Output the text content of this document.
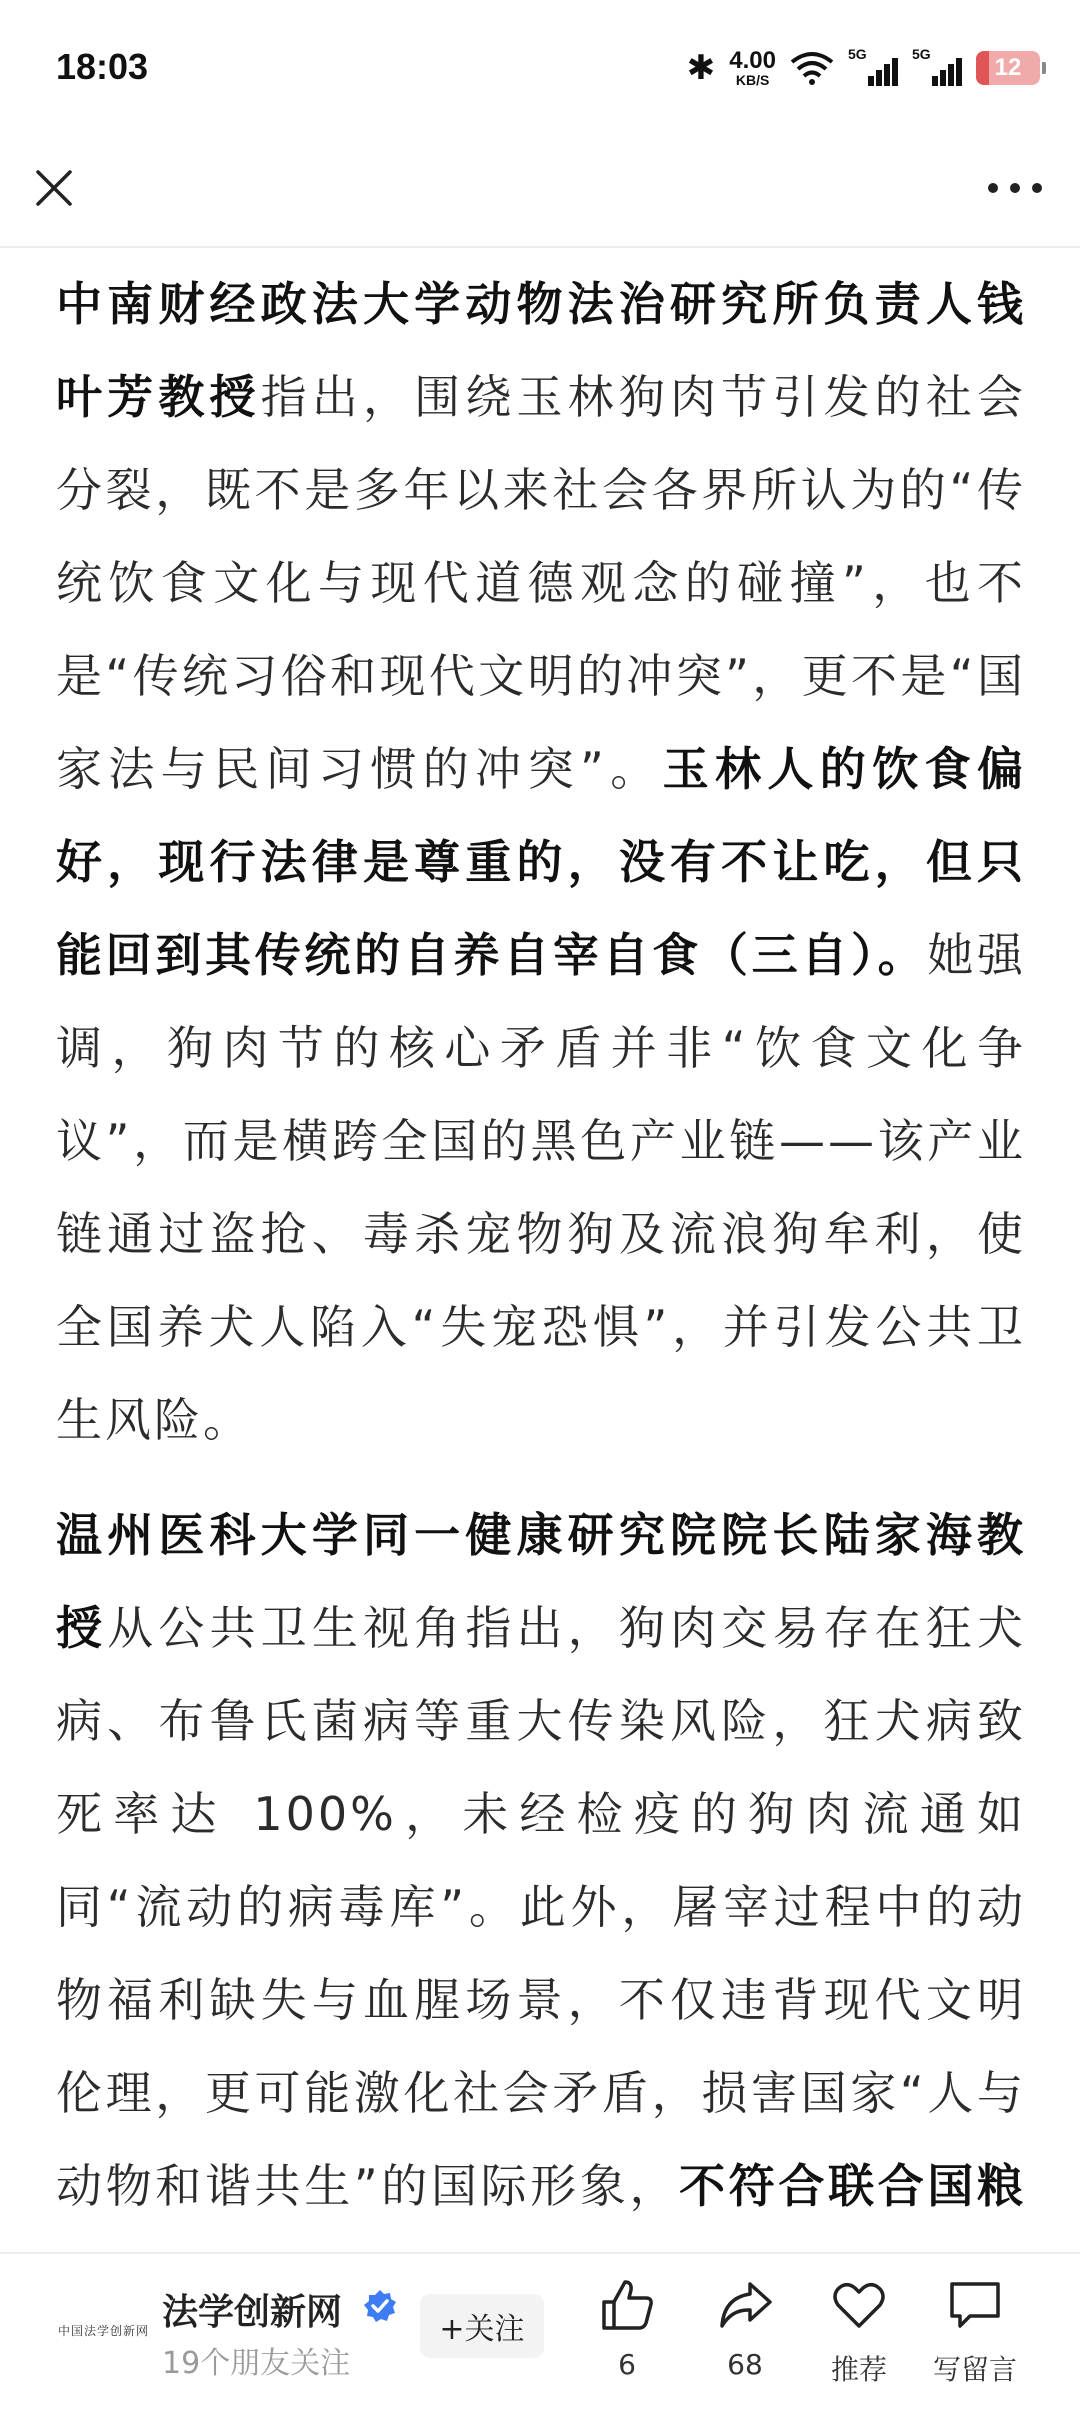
18:03	✱ 4.00
KB/S
5G	5G	12

中南财经政法大学动物法治研究所负责人钱叶芳教授指出，围绕玉林狗肉节引发的社会分裂，既不是多年以来社会各界所认为的“传统饮食文化与现代道德观念的碰撞”，也不是“传统习俗和现代文明的冲突”，更不是“国家法与民间习惯的冲突”。玉林人的饮食偏好，现行法律是尊重的，没有不让吃，但只能回到其传统的自养自宰自食（三自）。她强调，狗肉节的核心矛盾并非“饮食文化争议”，而是横跨全国的黑色产业链——该产业链通过盗抢、毒杀宠物狗及流浪狗牟利，使全国养犬人陷入“失宠恐惧”，并引发公共卫生风险。

温州医科大学同一健康研究院院长陆家海教授从公共卫生视角指出，狗肉交易存在狂犬病、布鲁氏菌病等重大传染风险，狂犬病致死率达 100%，未经检疫的狗肉流通如同“流动的病毒库”。此外，屠宰过程中的动物福利缺失与血腥场景，不仅违背现代文明伦理，更可能激化社会矛盾，损害国家“人与动物和谐共生”的国际形象，不符合联合国粮

中国法学创新网 法学创新网
19个朋友关注
+关注
6	68 推荐 写留言
